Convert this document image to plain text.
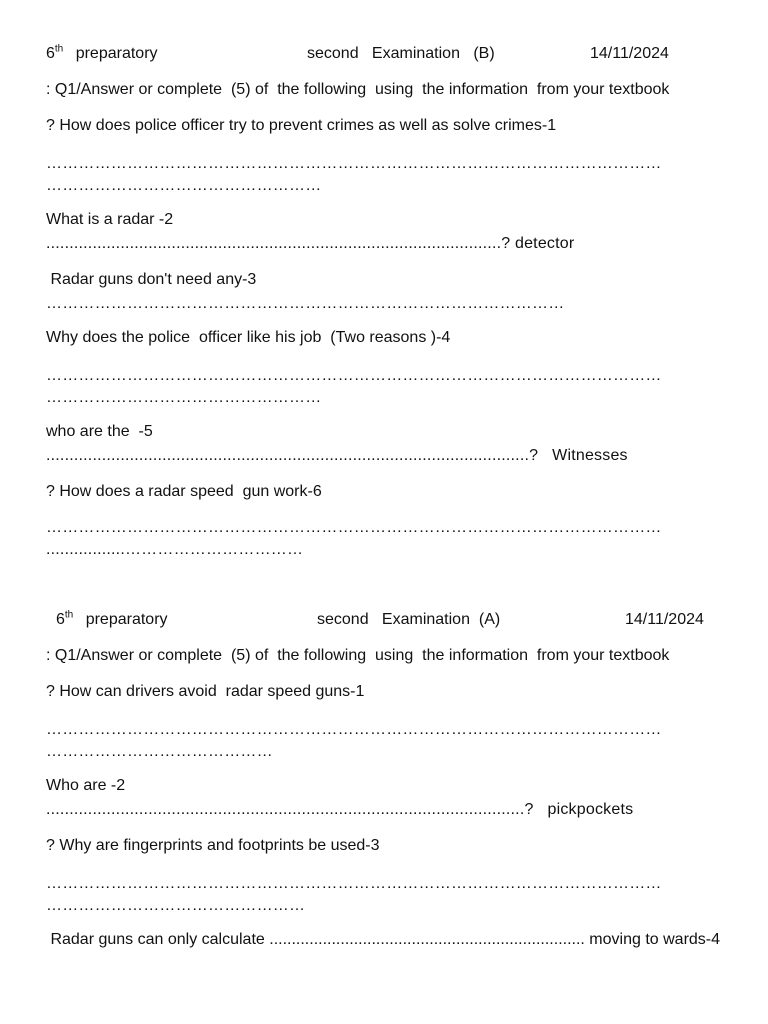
6th preparatory	second   Examination   (B)	14/11/2024
: Q1/Answer or complete  (5) of  the following  using  the information  from your textbook
? How does police officer try to prevent crimes as well as solve crimes-1
……………………………………………………………………………………………………
……………………………………………
What is a radar -2
..................................................................................................? detector
Radar guns don't need any-3
……………………………………………………………………………………
Why does the police  officer like his job  (Two reasons )-4
……………………………………………………………………………………………………
……………………………………………
who are the  -5
........................................................................................................?   Witnesses
? How does a radar speed  gun work-6
……………………………………………………………………………………………………
.................……………………………
6th preparatory	second   Examination  (A)	14/11/2024
: Q1/Answer or complete  (5) of  the following  using  the information  from your textbook
? How can drivers avoid  radar speed guns-1
……………………………………………………………………………………………………
……………………………………
Who are -2
.......................................................................................................?   pickpockets
? Why are fingerprints and footprints be used-3
……………………………………………………………………………………………………
…………………………………………
Radar guns can only calculate ....................................................................... moving to wards-4
